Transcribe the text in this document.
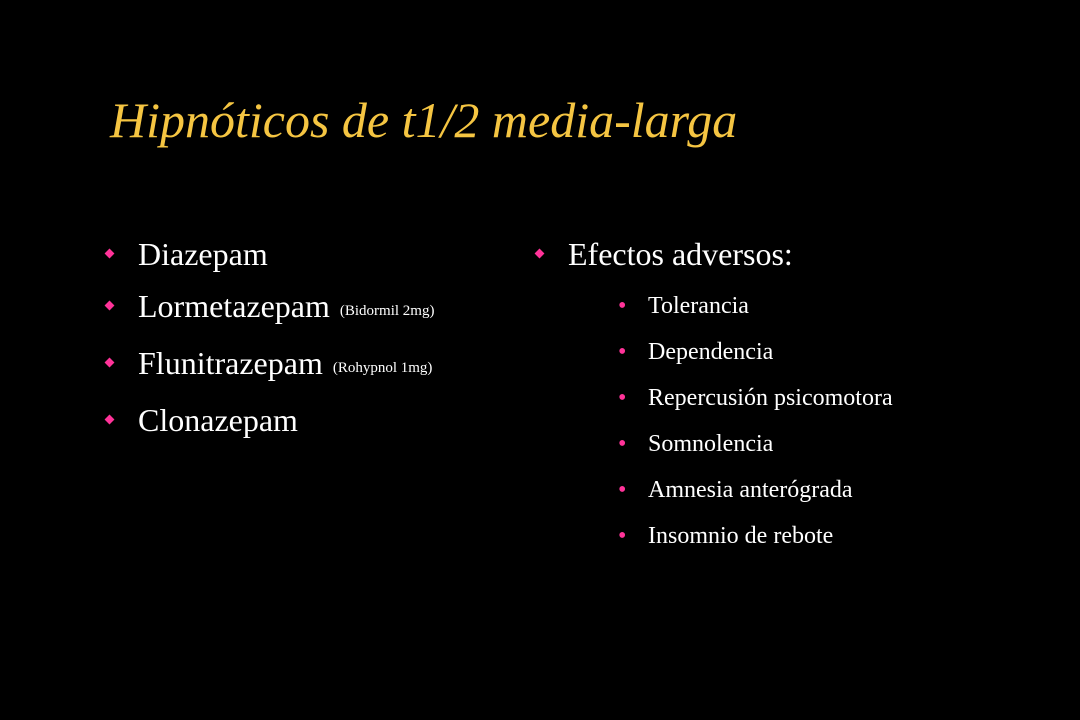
Hipnóticos de t1/2 media-larga
Diazepam
Lormetazepam (Bidormil 2mg)
Flunitrazepam (Rohypnol 1mg)
Clonazepam
Efectos adversos:
• Tolerancia
• Dependencia
• Repercusión psicomotora
• Somnolencia
• Amnesia anterógrada
• Insomnio de rebote
